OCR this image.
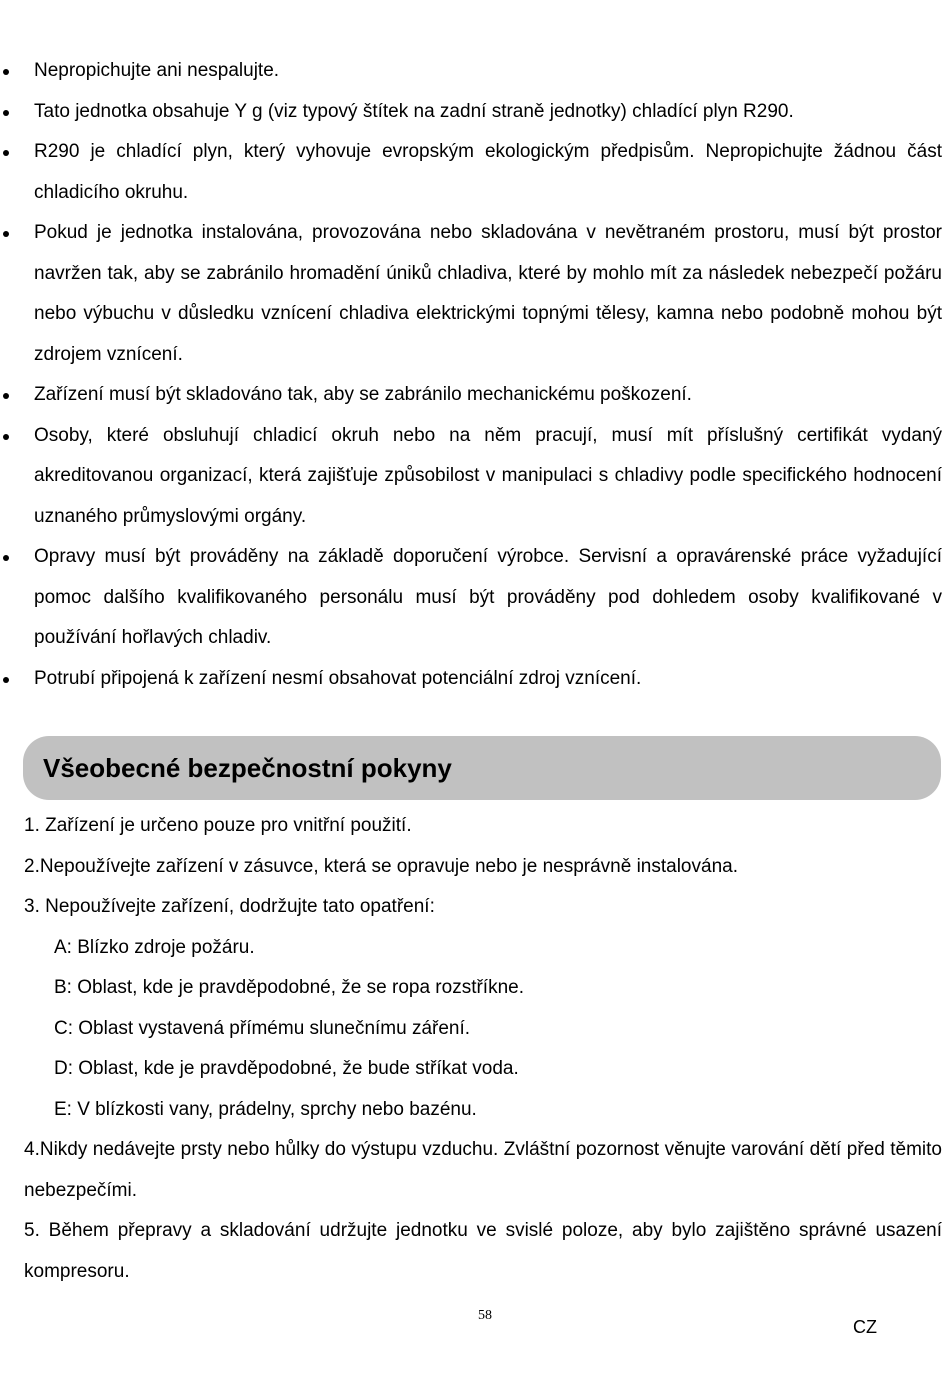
Nepropichujte ani nespalujte.
Tato jednotka obsahuje Y g (viz typový štítek na zadní straně jednotky) chladící plyn R290.
R290 je chladící plyn, který vyhovuje evropským ekologickým předpisům. Nepropichujte žádnou část chladicího okruhu.
Pokud je jednotka instalována, provozována nebo skladována v nevětraném prostoru, musí být prostor navržen tak, aby se zabránilo hromadění úniků chladiva, které by mohlo mít za následek nebezpečí požáru nebo výbuchu v důsledku vznícení chladiva elektrickými topnými tělesy, kamna nebo podobně mohou být zdrojem vznícení.
Zařízení musí být skladováno tak, aby se zabránilo mechanickému poškození.
Osoby, které obsluhují chladicí okruh nebo na něm pracují, musí mít příslušný certifikát vydaný akreditovanou organizací, která zajišťuje způsobilost v manipulaci s chladivy podle specifického hodnocení uznaného průmyslovými orgány.
Opravy musí být prováděny na základě doporučení výrobce. Servisní a opravárenské práce vyžadující pomoc dalšího kvalifikovaného personálu musí být prováděny pod dohledem osoby kvalifikované v používání hořlavých chladiv.
Potrubí připojená k zařízení nesmí obsahovat potenciální zdroj vznícení.
Všeobecné bezpečnostní pokyny

1. Zařízení je určeno pouze pro vnitřní použití.

2.Nepoužívejte zařízení v zásuvce, která se opravuje nebo je nesprávně instalována.

3. Nepoužívejte zařízení, dodržujte tato opatření:

A: Blízko zdroje požáru.

B: Oblast, kde je pravděpodobné, že se ropa rozstříkne.

C: Oblast vystavená přímému slunečnímu záření.

D: Oblast, kde je pravděpodobné, že bude stříkat voda.

E: V blízkosti vany, prádelny, sprchy nebo bazénu.

4.Nikdy nedávejte prsty nebo hůlky do výstupu vzduchu. Zvláštní pozornost věnujte varování dětí před těmito nebezpečími.

5. Během přepravy a skladování udržujte jednotku ve svislé poloze, aby bylo zajištěno správné usazení kompresoru.

58
CZ
